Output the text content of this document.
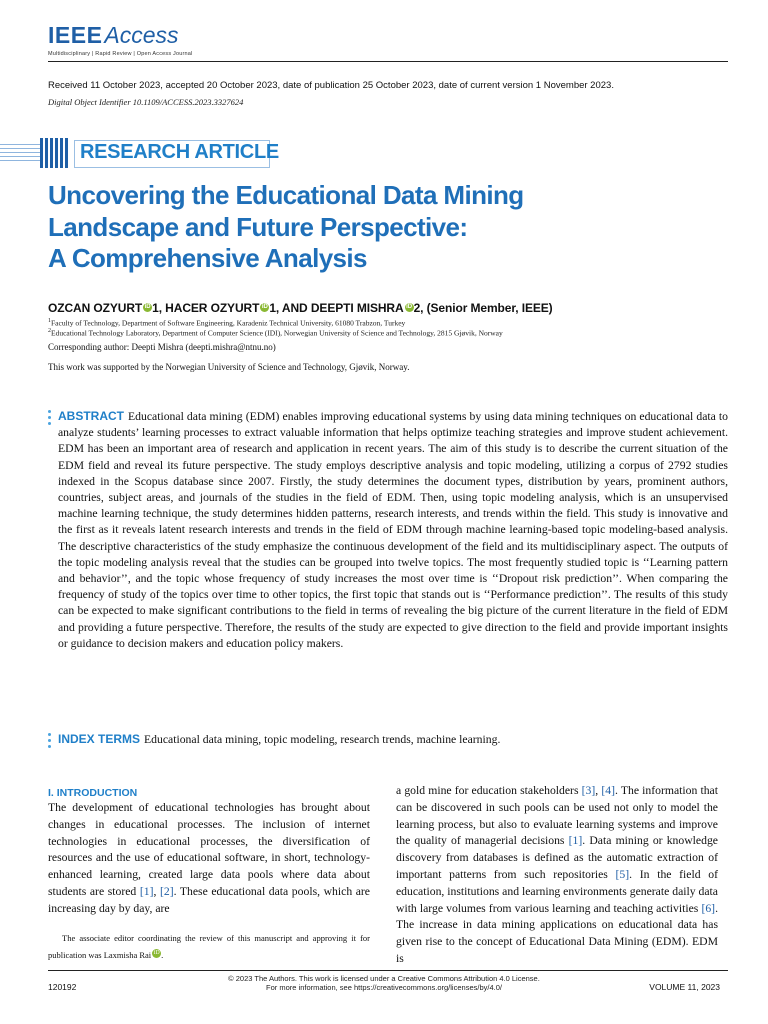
IEEE Access
Multidisciplinary | Rapid Review | Open Access Journal
Received 11 October 2023, accepted 20 October 2023, date of publication 25 October 2023, date of current version 1 November 2023.
Digital Object Identifier 10.1109/ACCESS.2023.3327624
RESEARCH ARTICLE
Uncovering the Educational Data Mining
Landscape and Future Perspective:
A Comprehensive Analysis
OZCAN OZYURT iD 1, HACER OZYURT iD 1, AND DEEPTI MISHRA iD 2, (Senior Member, IEEE)
$^1$Faculty of Technology, Department of Software Engineering, Karadeniz Technical University, 61080 Trabzon, Turkey
$^2$Educational Technology Laboratory, Department of Computer Science (IDI), Norwegian University of Science and Technology, 2815 Gjøvik, Norway
Corresponding author: Deepti Mishra (deepti.mishra@ntnu.no)
This work was supported by the Norwegian University of Science and Technology, Gjøvik, Norway.
ABSTRACT Educational data mining (EDM) enables improving educational systems by using data mining techniques on educational data to analyze students’ learning processes to extract valuable information that helps optimize teaching strategies and improve student achievement. EDM has been an important area of research and application in recent years. The aim of this study is to describe the current situation of the EDM field and reveal its future perspective. The study employs descriptive analysis and topic modeling, utilizing a corpus of 2792 studies indexed in the Scopus database since 2007. Firstly, the study determines the document types, distribution by years, prominent authors, countries, subject areas, and journals of the studies in the field of EDM. Then, using topic modeling analysis, which is an unsupervised machine learning technique, the study determines hidden patterns, research interests, and trends within the field. This study is innovative and the first as it reveals latent research interests and trends in the field of EDM through machine learning-based topic modeling-based analysis. The descriptive characteristics of the study emphasize the continuous development of the field and its multidisciplinary aspect. The outputs of the topic modeling analysis reveal that the studies can be grouped into twelve topics. The most frequently studied topic is ‘‘Learning pattern and behavior’’, and the topic whose frequency of study increases the most over time is ‘‘Dropout risk prediction’’. When comparing the frequency of study of the topics over time to other topics, the first topic that stands out is ‘‘Performance prediction’’. The results of this study can be expected to make significant contributions to the field in terms of revealing the big picture of the current literature in the field of EDM and providing a future perspective. Therefore, the results of the study are expected to give direction to the field and provide important insights or guidance to decision makers and education policy makers.
INDEX TERMS Educational data mining, topic modeling, research trends, machine learning.
I. INTRODUCTION
The development of educational technologies has brought about changes in educational processes. The inclusion of internet technologies in educational processes, the diversification of resources and the use of educational software, in short, technology-enhanced learning, created large data pools where data about students are stored [1], [2]. These educational data pools, which are increasing day by day, are
a gold mine for education stakeholders [3], [4]. The information that can be discovered in such pools can be used not only to model the learning process, but also to evaluate learning systems and improve the quality of managerial decisions [1]. Data mining or knowledge discovery from databases is defined as the automatic extraction of important patterns from such repositories [5]. In the field of education, institutions and learning environments generate daily data with large volumes from various learning and teaching activities [6]. The increase in data mining applications on educational data has given rise to the concept of Educational Data Mining (EDM). EDM is
The associate editor coordinating the review of this manuscript and approving it for publication was Laxmisha Rai iD .
© 2023 The Authors. This work is licensed under a Creative Commons Attribution 4.0 License.
For more information, see https://creativecommons.org/licenses/by/4.0/
120192	VOLUME 11, 2023
